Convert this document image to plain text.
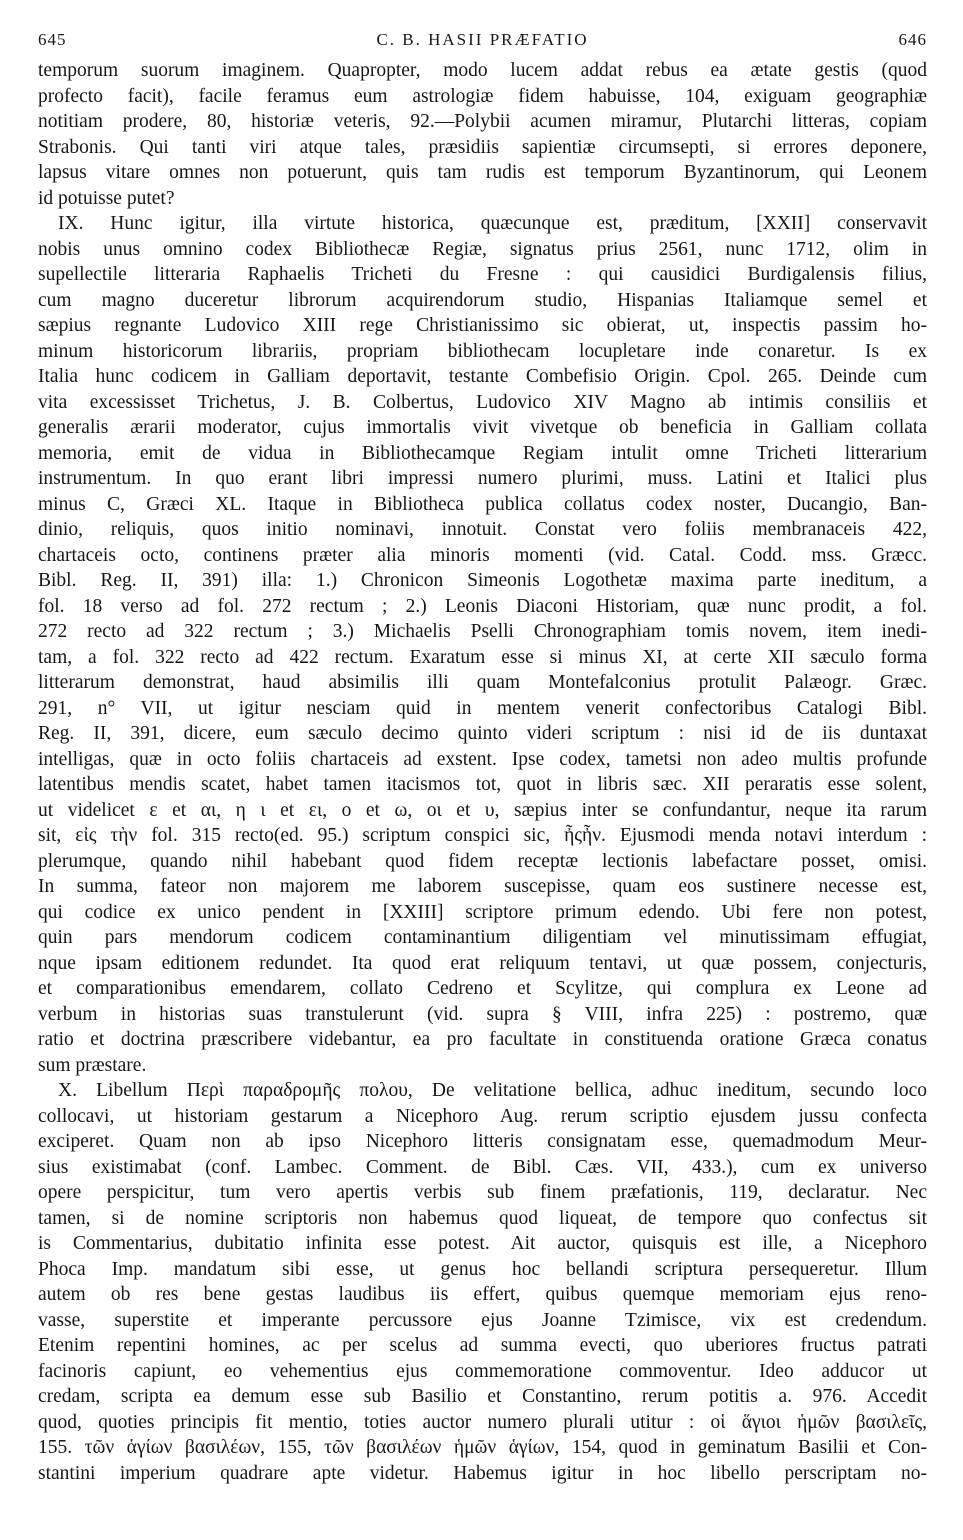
645	C. B. HASII PRÆFATIO	646
temporum suorum imaginem. Quapropter, modo lucem addat rebus ea ætate gestis (quod
profecto facit), facile feramus eum astrologiæ fidem habuisse, 104, exiguam geographiæ
notitiam prodere, 80, historiæ veteris, 92.—Polybii acumen miramur, Plutarchi litteras, copiam
Strabonis. Qui tanti viri atque tales, præsidiis sapientiæ circumsepti, si errores deponere,
lapsus vitare omnes non potuerunt, quis tam rudis est temporum Byzantinorum, qui Leonem
id potuisse putet?
IX. Hunc igitur, illa virtute historica, quæcunque est, præditum, [XXII] conservavit
nobis unus omnino codex Bibliothecæ Regiæ, signatus prius 2561, nunc 1712, olim in
supellectile litteraria Raphaelis Tricheti du Fresne : qui causidici Burdigalensis filius,
cum magno duceretur librorum acquirendorum studio, Hispanias Italiamque semel et
sæpius regnante Ludovico XIII rege Christianissimo sic obierat, ut, inspectis passim ho-
minum historicorum librariis, propriam bibliothecam locupletare inde conaretur. Is ex
Italia hunc codicem in Galliam deportavit, testante Combefisio Origin. Cpol. 265. Deinde cum
vita excessisset Trichetus, J. B. Colbertus, Ludovico XIV Magno ab intimis consiliis et
generalis ærarii moderator, cujus immortalis vivit vivetque ob beneficia in Galliam collata
memoria, emit de vidua in Bibliothecamque Regiam intulit omne Tricheti litterarium
instrumentum. In quo erant libri impressi numero plurimi, muss. Latini et Italici plus
minus C, Græci XL. Itaque in Bibliotheca publica collatus codex noster, Ducangio, Ban-
dinio, reliquis, quos initio nominavi, innotuit. Constat vero foliis membranaceis 422,
chartaceis octo, continens præter alia minoris momenti (vid. Catal. Codd. mss. Græcc.
Bibl. Reg. II, 391) illa: 1.) Chronicon Simeonis Logothetæ maxima parte ineditum, a
fol. 18 verso ad fol. 272 rectum ; 2.) Leonis Diaconi Historiam, quæ nunc prodit, a fol.
272 recto ad 322 rectum ; 3.) Michaelis Pselli Chronographiam tomis novem, item inedi-
tam, a fol. 322 recto ad 422 rectum. Exaratum esse si minus XI, at certe XII sæculo forma
litterarum demonstrat, haud absimilis illi quam Montefalconius protulit Palæogr. Græc.
291, n° VII, ut igitur nesciam quid in mentem venerit confectoribus Catalogi Bibl.
Reg. II, 391, dicere, eum sæculo decimo quinto videri scriptum : nisi id de iis duntaxat
intelligas, quæ in octo foliis chartaceis ad exstent. Ipse codex, tametsi non adeo multis profunde
latentibus mendis scatet, habet tamen itacismos tot, quot in libris sæc. XII peraratis esse solent,
ut videlicet ε et αι, η ι et ει, ο et ω, οι et υ, sæpius inter se confundantur, neque ita rarum
sit, εἰς τὴν fol. 315 recto(ed. 95.) scriptum conspici sic, ἦςἦν. Ejusmodi menda notavi interdum :
plerumque, quando nihil habebant quod fidem receptæ lectionis labefactare posset, omisi.
In summa, fateor non majorem me laborem suscepisse, quam eos sustinere necesse est,
qui codice ex unico pendent in [XXIII] scriptore primum edendo. Ubi fere non potest,
quin pars mendorum codicem contaminantium diligentiam vel minutissimam effugiat,
nque ipsam editionem redundet. Ita quod erat reliquum tentavi, ut quæ possem, conjecturis,
et comparationibus emendarem, collato Cedreno et Scylitze, qui complura ex Leone ad
verbum in historias suas transtulerunt (vid. supra § VIII, infra 225) : postremo, quæ
ratio et doctrina præscribere videbantur, ea pro facultate in constituenda oratione Græca conatus
sum præstare.
X. Libellum Περὶ παραδρομῆς πολου, De velitatione bellica, adhuc ineditum, secundo loco
collocavi, ut historiam gestarum a Nicephoro Aug. rerum scriptio ejusdem jussu confecta
exciperet. Quam non ab ipso Nicephoro litteris consignatam esse, quemadmodum Meur-
sius existimabat (conf. Lambec. Comment. de Bibl. Cæs. VII, 433.), cum ex universo
opere perspicitur, tum vero apertis verbis sub finem præfationis, 119, declaratur. Nec
tamen, si de nomine scriptoris non habemus quod liqueat, de tempore quo confectus sit
is Commentarius, dubitatio infinita esse potest. Ait auctor, quisquis est ille, a Nicephoro
Phoca Imp. mandatum sibi esse, ut genus hoc bellandi scriptura persequeretur. Illum
autem ob res bene gestas laudibus iis effert, quibus quemque memoriam ejus reno-
vasse, superstite et imperante percussore ejus Joanne Tzimisce, vix est credendum.
Etenim repentini homines, ac per scelus ad summa evecti, quo uberiores fructus patrati
facinoris capiunt, eo vehementius ejus commemoratione commoventur. Ideo adducor ut
credam, scripta ea demum esse sub Basilio et Constantino, rerum potitis a. 976. Accedit
quod, quoties principis fit mentio, toties auctor numero plurali utitur : οἱ ἅγιοι ἡμῶν βασιλεῖς,
155. τῶν ἁγίων βασιλέων, 155, τῶν βασιλέων ἡμῶν ἁγίων, 154, quod in geminatum Basilii et Con-
stantini imperium quadrare apte videtur. Habemus igitur in hoc libello perscriptam no-
